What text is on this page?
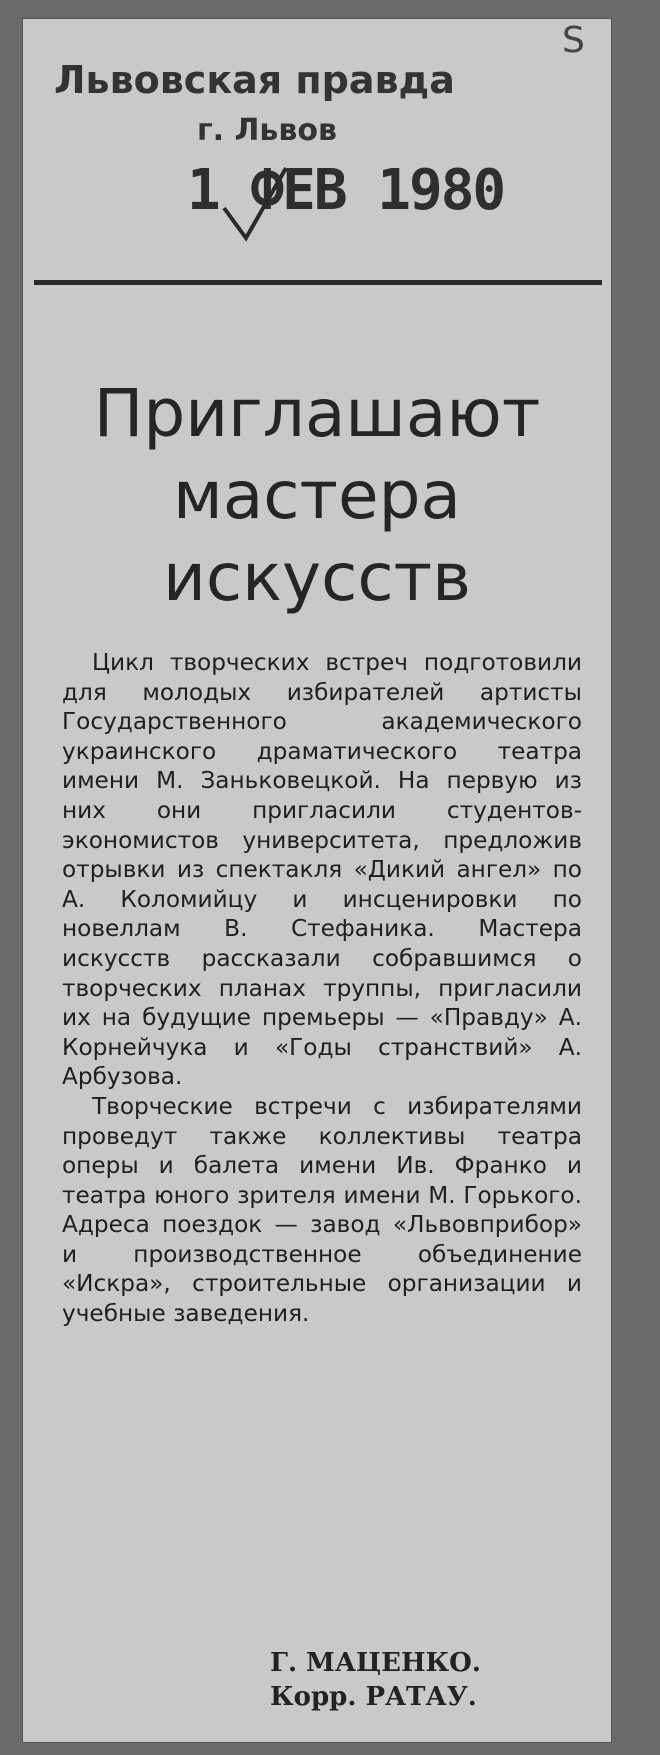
Львовская правда
г. Львов
1 ФЕВ 1980
S
Приглашают
мастера
искусств

Цикл творческих встреч подготовили для молодых избирателей артисты Государственного академического украинского драматического театра имени М. Заньковецкой. На первую из них они пригласили студентов-экономистов университета, предложив отрывки из спектакля «Дикий ангел» по А. Коломийцу и инсценировки по новеллам В. Стефаника. Мастера искусств рассказали собравшимся о творческих планах труппы, пригласили их на будущие премьеры — «Правду» А. Корнейчука и «Годы странствий» А. Арбузова.

Творческие встречи с избирателями проведут также коллективы театра оперы и балета имени Ив. Франко и театра юного зрителя имени М. Горького. Адреса поездок — завод «Львовприбор» и производственное объединение «Искра», строительные организации и учебные заведения.

Г. МАЦЕНКО.
Корр. РАТАУ.
